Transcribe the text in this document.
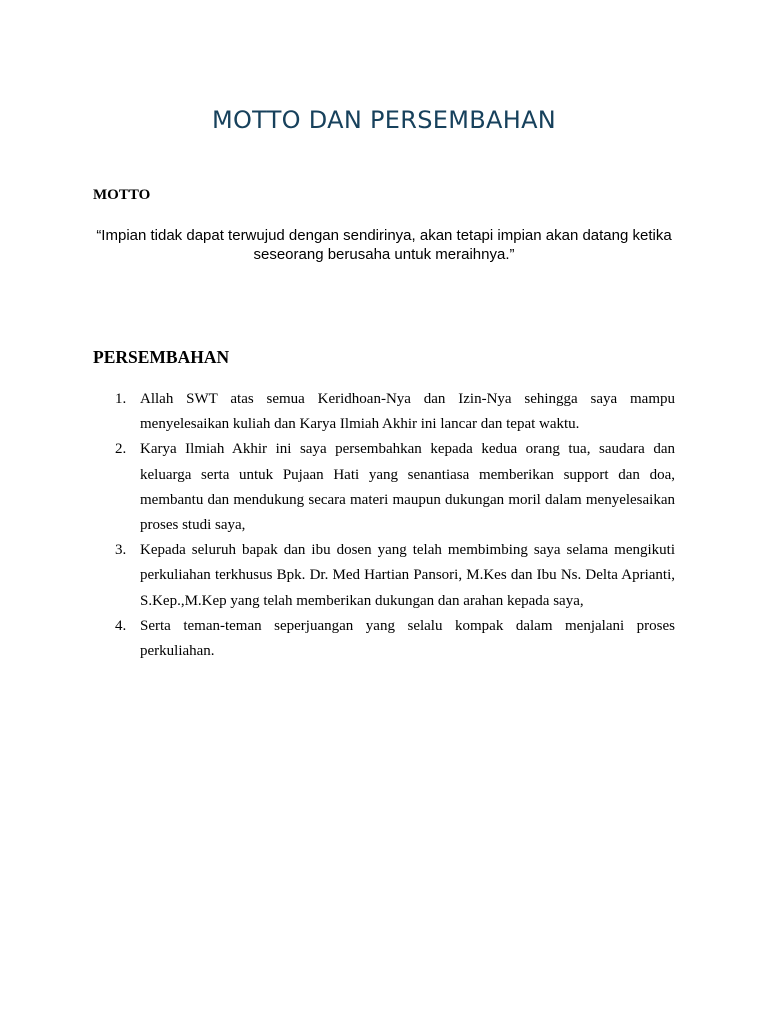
MOTTO DAN PERSEMBAHAN
MOTTO

“Impian tidak dapat terwujud dengan sendirinya, akan tetapi impian akan datang ketika seseorang berusaha untuk meraihnya.”

PERSEMBAHAN
1. Allah SWT atas semua Keridhoan-Nya dan Izin-Nya sehingga saya mampu menyelesaikan kuliah dan Karya Ilmiah Akhir ini lancar dan tepat waktu.
2. Karya Ilmiah Akhir ini saya persembahkan kepada kedua orang tua, saudara dan keluarga serta untuk Pujaan Hati yang senantiasa memberikan support dan doa, membantu dan mendukung secara materi maupun dukungan moril dalam menyelesaikan proses studi saya,
3. Kepada seluruh bapak dan ibu dosen yang telah membimbing saya selama mengikuti perkuliahan terkhusus Bpk. Dr. Med Hartian Pansori, M.Kes dan Ibu Ns. Delta Aprianti, S.Kep.,M.Kep yang telah memberikan dukungan dan arahan kepada saya,
4. Serta teman-teman seperjuangan yang selalu kompak dalam menjalani proses perkuliahan.
